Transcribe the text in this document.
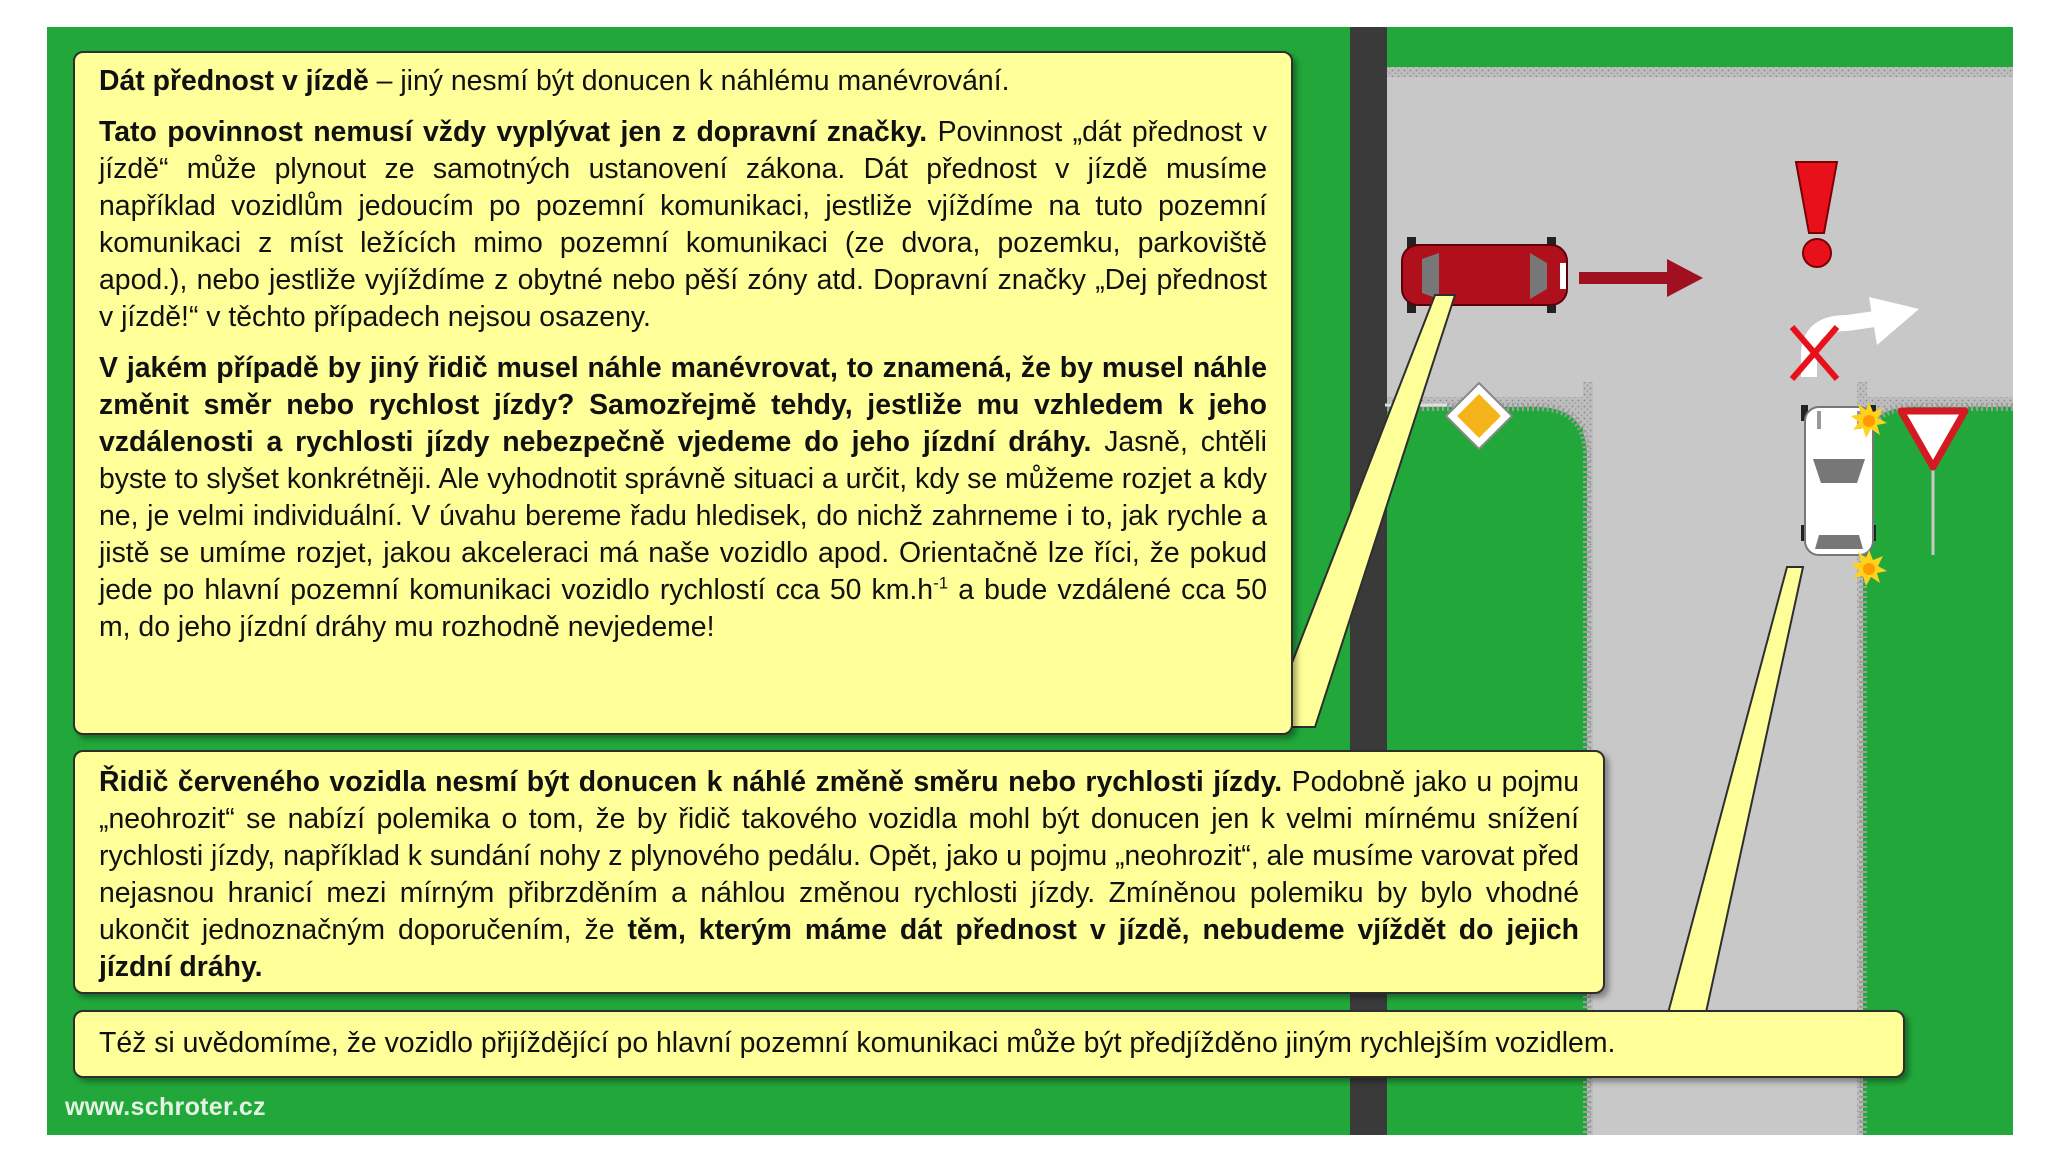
Dát přednost v jízdě – jiný nesmí být donucen k náhlému manévrování.

Tato povinnost nemusí vždy vyplývat jen z dopravní značky. Povinnost „dát přednost v jízdě“ může plynout ze samotných ustanovení zákona. Dát přednost v jízdě musíme například vozidlům jedoucím po pozemní komunikaci, jestliže vjíždíme na tuto pozemní komunikaci z míst ležících mimo pozemní komunikaci (ze dvora, pozemku, parkoviště apod.), nebo jestliže vyjíždíme z obytné nebo pěší zóny atd. Dopravní značky „Dej přednost v jízdě!“ v těchto případech nejsou osazeny.

V jakém případě by jiný řidič musel náhle manévrovat, to znamená, že by musel náhle změnit směr nebo rychlost jízdy? Samozřejmě tehdy, jestliže mu vzhledem k jeho vzdálenosti a rychlosti jízdy nebezpečně vjedeme do jeho jízdní dráhy. Jasně, chtěli byste to slyšet konkrétněji. Ale vyhodnotit správně situaci a určit, kdy se můžeme rozjet a kdy ne, je velmi individuální. V úvahu bereme řadu hledisek, do nichž zahrneme i to, jak rychle a jistě se umíme rozjet, jakou akceleraci má naše vozidlo apod. Orientačně lze říci, že pokud jede po hlavní pozemní komunikaci vozidlo rychlostí cca 50 $km.h^{-1}$ a bude vzdálené cca 50 m, do jeho jízdní dráhy mu rozhodně nevjedeme!

Řidič červeného vozidla nesmí být donucen k náhlé změně směru nebo rychlosti jízdy. Podobně jako u pojmu „neohrozit“ se nabízí polemika o tom, že by řidič takového vozidla mohl být donucen jen k velmi mírnému snížení rychlosti jízdy, například k sundání nohy z plynového pedálu. Opět, jako u pojmu „neohrozit“, ale musíme varovat před nejasnou hranicí mezi mírným přibrzděním a náhlou změnou rychlosti jízdy. Zmíněnou polemiku by bylo vhodné ukončit jednoznačným doporučením, že těm, kterým máme dát přednost v jízdě, nebudeme vjíždět do jejich jízdní dráhy.

Též si uvědomíme, že vozidlo přijíždějící po hlavní pozemní komunikaci může být předjížděno jiným rychlejším vozidlem.

www.schroter.cz
